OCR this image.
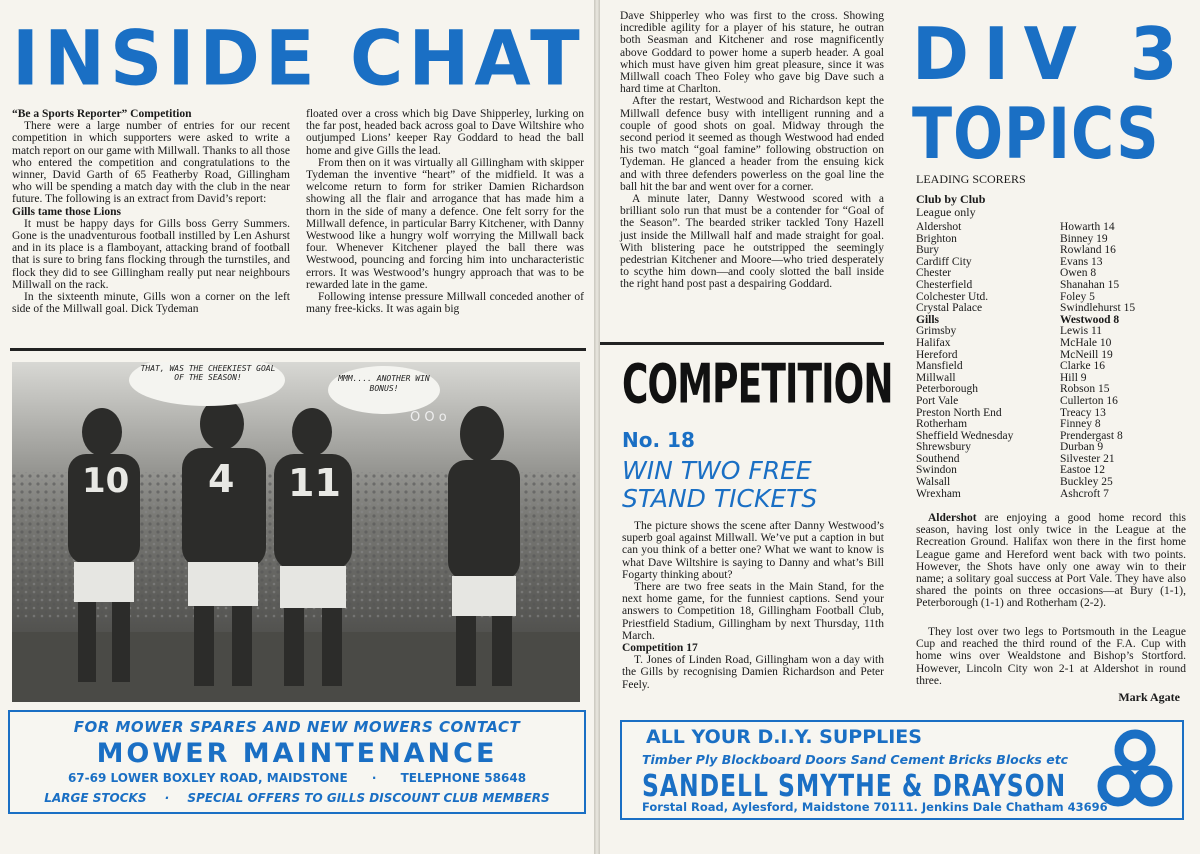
INSIDE CHAT

“Be a Sports Reporter” Competition

There were a large number of entries for our recent competition in which supporters were asked to write a match report on our game with Millwall. Thanks to all those who entered the competition and congratulations to the winner, David Garth of 65 Featherby Road, Gillingham who will be spending a match day with the club in the near future. The following is an extract from David’s report:

Gills tame those Lions

It must be happy days for Gills boss Gerry Summers. Gone is the unadventurous football instilled by Len Ashurst and in its place is a flamboyant, attacking brand of football that is sure to bring fans flocking through the turnstiles, and flock they did to see Gillingham really put near neighbours Millwall on the rack.

In the sixteenth minute, Gills won a corner on the left side of the Millwall goal. Dick Tydeman

floated over a cross which big Dave Shipperley, lurking on the far post, headed back across goal to Dave Wiltshire who outjumped Lions’ keeper Ray Goddard to head the ball home and give Gills the lead.

From then on it was virtually all Gillingham with skipper Tydeman the inventive “heart” of the midfield. It was a welcome return to form for striker Damien Richardson showing all the flair and arrogance that has made him a thorn in the side of many a defence. One felt sorry for the Millwall defence, in particular Barry Kitchener, with Danny Westwood like a hungry wolf worrying the Millwall back four. Whenever Kitchener played the ball there was Westwood, pouncing and forcing him into uncharacteristic errors. It was Westwood’s hungry approach that was to be rewarded late in the game.

Following intense pressure Millwall conceded another of many free-kicks. It was again big

10 4 11
THAT, WAS THE CHEEKIEST GOAL OF THE SEASON!	MMM.... ANOTHER WIN BONUS!
O O o
FOR MOWER SPARES AND NEW MOWERS CONTACT
MOWER MAINTENANCE
67-69 LOWER BOXLEY ROAD, MAIDSTONE · TELEPHONE 58648
LARGE STOCKS · SPECIAL OFFERS TO GILLS DISCOUNT CLUB MEMBERS

Dave Shipperley who was first to the cross. Showing incredible agility for a player of his stature, he outran both Seasman and Kitchener and rose magnificently above Goddard to power home a superb header. A goal which must have given him great pleasure, since it was Millwall coach Theo Foley who gave big Dave such a hard time at Charlton.

After the restart, Westwood and Richardson kept the Millwall defence busy with intelligent running and a couple of good shots on goal. Midway through the second period it seemed as though Westwood had ended his two match “goal famine” following obstruction on Tydeman. He glanced a header from the ensuing kick and with three defenders powerless on the goal line the ball hit the bar and went over for a corner.

A minute later, Danny Westwood scored with a brilliant solo run that must be a contender for “Goal of the Season”. The bearded striker tackled Tony Hazell just inside the Millwall half and made straight for goal. With blistering pace he outstripped the seemingly pedestrian Kitchener and Moore—who tried desperately to scythe him down—and cooly slotted the ball inside the right hand post past a despairing Goddard.

COMPETITION
No. 18
WIN TWO FREE
STAND TICKETS

The picture shows the scene after Danny Westwood’s superb goal against Millwall. We’ve put a caption in but can you think of a better one? What we want to know is what Dave Wiltshire is saying to Danny and what’s Bill Fogarty thinking about?

There are two free seats in the Main Stand, for the next home game, for the funniest captions. Send your answers to Competition 18, Gillingham Football Club, Priestfield Stadium, Gillingham by next Thursday, 11th March.

Competition 17

T. Jones of Linden Road, Gillingham won a day with the Gills by recognising Damien Richardson and Peter Feely.

DIV 3
TOPICS
LEADING SCORERS
Club by Club
League only
Aldershot	Howarth 14
Brighton	Binney 19
Bury	Rowland 16
Cardiff City	Evans 13
Chester	Owen 8
Chesterfield	Shanahan 15
Colchester Utd.	Foley 5
Crystal Palace	Swindlehurst 15
Gills	Westwood 8
Grimsby	Lewis 11
Halifax	McHale 10
Hereford	McNeill 19
Mansfield	Clarke 16
Millwall	Hill 9
Peterborough	Robson 15
Port Vale	Cullerton 16
Preston North End	Treacy 13
Rotherham	Finney 8
Sheffield Wednesday	Prendergast 8
Shrewsbury	Durban 9
Southend	Silvester 21
Swindon	Eastoe 12
Walsall	Buckley 25
Wrexham	Ashcroft 7

Aldershot are enjoying a good home record this season, having lost only twice in the League at the Recreation Ground. Halifax won there in the first home League game and Hereford went back with two points. However, the Shots have only one away win to their name; a solitary goal success at Port Vale. They have also shared the points on three occasions—at Bury (1-1), Peterborough (1-1) and Rotherham (2-2).

They lost over two legs to Portsmouth in the League Cup and reached the third round of the F.A. Cup with home wins over Wealdstone and Bishop’s Stortford. However, Lincoln City won 2-1 at Aldershot in round three.

Mark Agate
ALL YOUR D.I.Y. SUPPLIES
Timber Ply Blockboard Doors Sand Cement Bricks Blocks etc
SANDELL SMYTHE & DRAYSON
Forstal Road, Aylesford, Maidstone 70111. Jenkins Dale Chatham 43696
